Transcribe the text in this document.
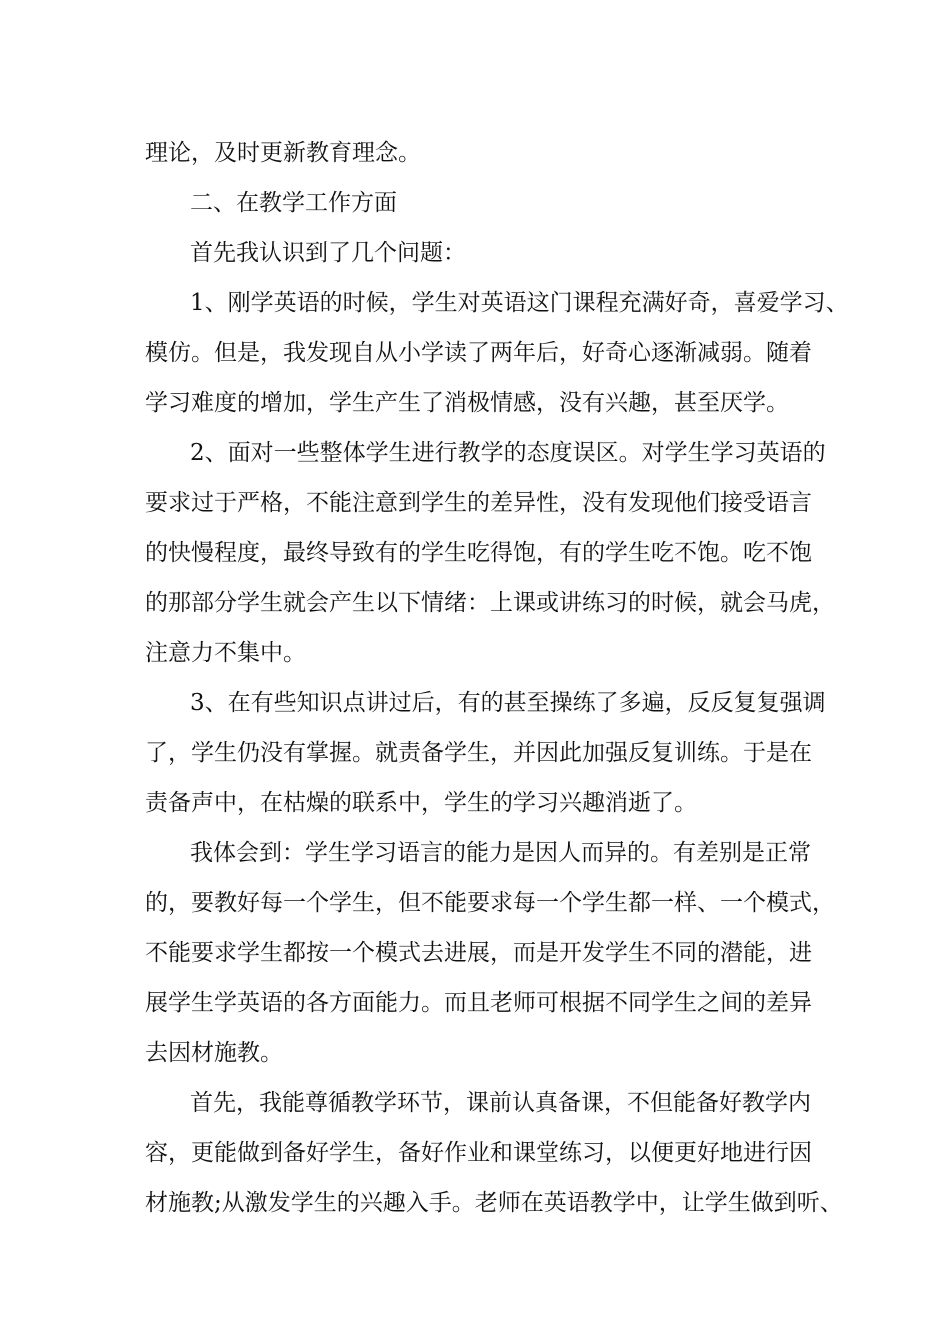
理论，及时更新教育理念。
二、在教学工作方面
首先我认识到了几个问题：
1、刚学英语的时候，学生对英语这门课程充满好奇，喜爱学习、
模仿。但是，我发现自从小学读了两年后，好奇心逐渐减弱。随着
学习难度的增加，学生产生了消极情感，没有兴趣，甚至厌学。
2、面对一些整体学生进行教学的态度误区。对学生学习英语的
要求过于严格，不能注意到学生的差异性，没有发现他们接受语言
的快慢程度，最终导致有的学生吃得饱，有的学生吃不饱。吃不饱
的那部分学生就会产生以下情绪：上课或讲练习的时候，就会马虎，
注意力不集中。
3、在有些知识点讲过后，有的甚至操练了多遍，反反复复强调
了，学生仍没有掌握。就责备学生，并因此加强反复训练。于是在
责备声中，在枯燥的联系中，学生的学习兴趣消逝了。
我体会到：学生学习语言的能力是因人而异的。有差别是正常
的，要教好每一个学生，但不能要求每一个学生都一样、一个模式，
不能要求学生都按一个模式去进展，而是开发学生不同的潜能，进
展学生学英语的各方面能力。而且老师可根据不同学生之间的差异
去因材施教。
首先，我能尊循教学环节，课前认真备课，不但能备好教学内
容，更能做到备好学生，备好作业和课堂练习，以便更好地进行因
材施教;从激发学生的兴趣入手。老师在英语教学中，让学生做到听、
